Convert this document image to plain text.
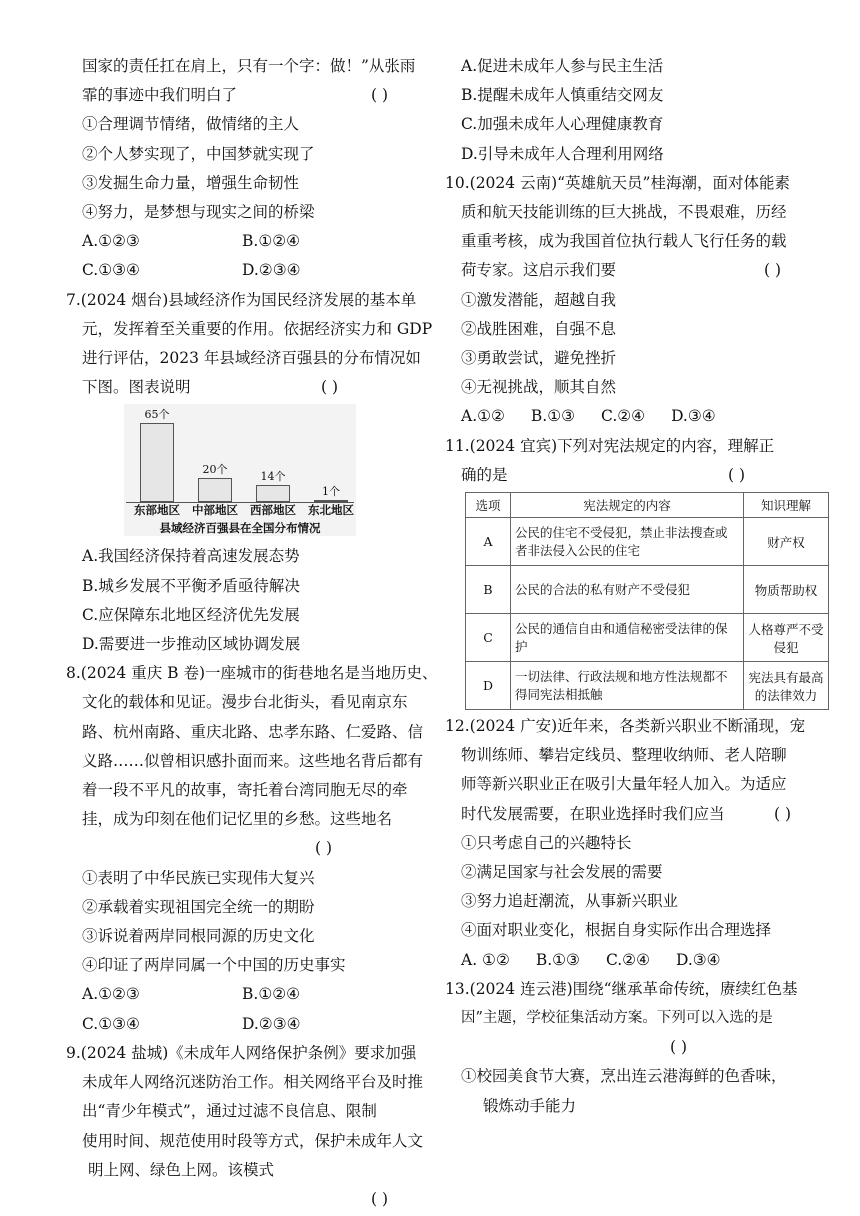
国家的责任扛在肩上，只有一个字：做！”从张雨
霏的事迹中我们明白了	( )
①合理调节情绪，做情绪的主人
②个人梦实现了，中国梦就实现了
③发掘生命力量，增强生命韧性
④努力，是梦想与现实之间的桥梁
A.①②③	B.①②④
C.①③④	D.②③④
7.(2024 烟台)县域经济作为国民经济发展的基本单
元，发挥着至关重要的作用。依据经济实力和 GDP
进行评估，2023 年县域经济百强县的分布情况如
下图。图表说明	( )
县域经济百强县在全国分布情况
65个
东部地区
20个
中部地区
14个
西部地区
1个
东北地区
A.我国经济保持着高速发展态势
B.城乡发展不平衡矛盾亟待解决
C.应保障东北地区经济优先发展
D.需要进一步推动区域协调发展
8.(2024 重庆 B 卷)一座城市的街巷地名是当地历史、
文化的载体和见证。漫步台北街头，看见南京东
路、杭州南路、重庆北路、忠孝东路、仁爱路、信
义路……似曾相识感扑面而来。这些地名背后都有
着一段不平凡的故事，寄托着台湾同胞无尽的牵
挂，成为印刻在他们记忆里的乡愁。这些地名
( )
①表明了中华民族已实现伟大复兴
②承载着实现祖国完全统一的期盼
③诉说着两岸同根同源的历史文化
④印证了两岸同属一个中国的历史事实
A.①②③	B.①②④
C.①③④	D.②③④
9.(2024 盐城)《未成年人网络保护条例》要求加强
未成年人网络沉迷防治工作。相关网络平台及时推
出“青少年模式”，通过过滤不良信息、限制
使用时间、规范使用时段等方式，保护未成年人文
明上网、绿色上网。该模式
( )
A.促进未成年人参与民主生活
B.提醒未成年人慎重结交网友
C.加强未成年人心理健康教育
D.引导未成年人合理利用网络
10.(2024 云南)“英雄航天员”桂海潮，面对体能素
质和航天技能训练的巨大挑战，不畏艰难，历经
重重考核，成为我国首位执行载人飞行任务的载
荷专家。这启示我们要	( )
①激发潜能，超越自我
②战胜困难，自强不息
③勇敢尝试，避免挫折
④无视挑战，顺其自然
A.①② B.①③ C.②④ D.③④
11.(2024 宜宾)下列对宪法规定的内容，理解正
确的是	( )
选项	宪法规定的内容	知识理解
A	公民的住宅不受侵犯，禁止非法搜查或者非法侵入公民的住宅	财产权
B	公民的合法的私有财产不受侵犯	物质帮助权
C	公民的通信自由和通信秘密受法律的保护	人格尊严不受侵犯
D	一切法律、行政法规和地方性法规都不得同宪法相抵触	宪法具有最高的法律效力
12.(2024 广安)近年来，各类新兴职业不断涌现，宠
物训练师、攀岩定线员、整理收纳师、老人陪聊
师等新兴职业正在吸引大量年轻人加入。为适应
时代发展需要，在职业选择时我们应当	( )
①只考虑自己的兴趣特长
②满足国家与社会发展的需要
③努力追赶潮流，从事新兴职业
④面对职业变化，根据自身实际作出合理选择
A. ①② B.①③ C.②④ D.③④
13.(2024 连云港)围绕“继承革命传统，赓续红色基
因”主题，学校征集活动方案。下列可以入选的是
( )
①校园美食节大赛，烹出连云港海鲜的色香味，
锻炼动手能力
